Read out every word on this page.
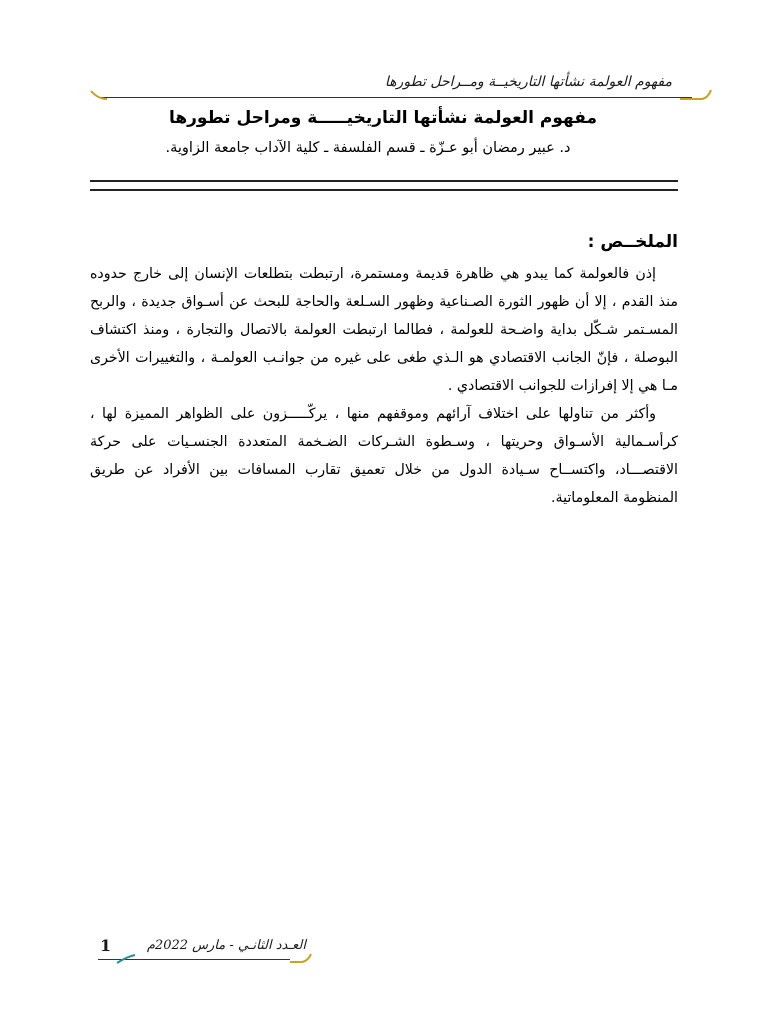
مفهوم العولمة نشأتها التاريخيــة ومــراحل تطورها
مفهوم العولمة نشأتها التاريخيـــــة ومراحل تطورها

د. عبير رمضان أبو عـزّة ـ قسم الفلسفة ـ كلية الآداب جامعة الزاوية.

الملخــص :

إذن فالعولمة كما يبدو هي ظاهرة قديمة ومستمرة، ارتبطت بتطلعات الإنسان إلى خارج حدوده منذ القدم ، إلا أن ظهور الثورة الصـناعية وظهور السـلعة والحاجة للبحث عن أسـواق جديدة ، والربح المسـتمر شـكّل بداية واضـحة للعولمة ، فطالما ارتبطت العولمة بالاتصال والتجارة ، ومنذ اكتشاف البوصلة ، فإنّ الجانب الاقتصادي هو الـذي طغى على غيره من جوانـب العولمـة ، والتغييرات الأخرى مـا هي إلا إفرازات للجوانب الاقتصادي .

وأكثر من تناولها على اختلاف آرائهم وموقفهم منها ، يركّـــــزون على الظواهر المميزة لها ، كرأسـمالية الأسـواق وحريتها ، وسـطوة الشـركات الضـخمة المتعددة الجنسـيات على حركة الاقتصـــاد، واكتســاح سـيادة الدول من خلال تعميق تقارب المسافات بين الأفراد عن طريق المنظومة المعلوماتية.

1	العـدد الثانـي - مارس 2022م
